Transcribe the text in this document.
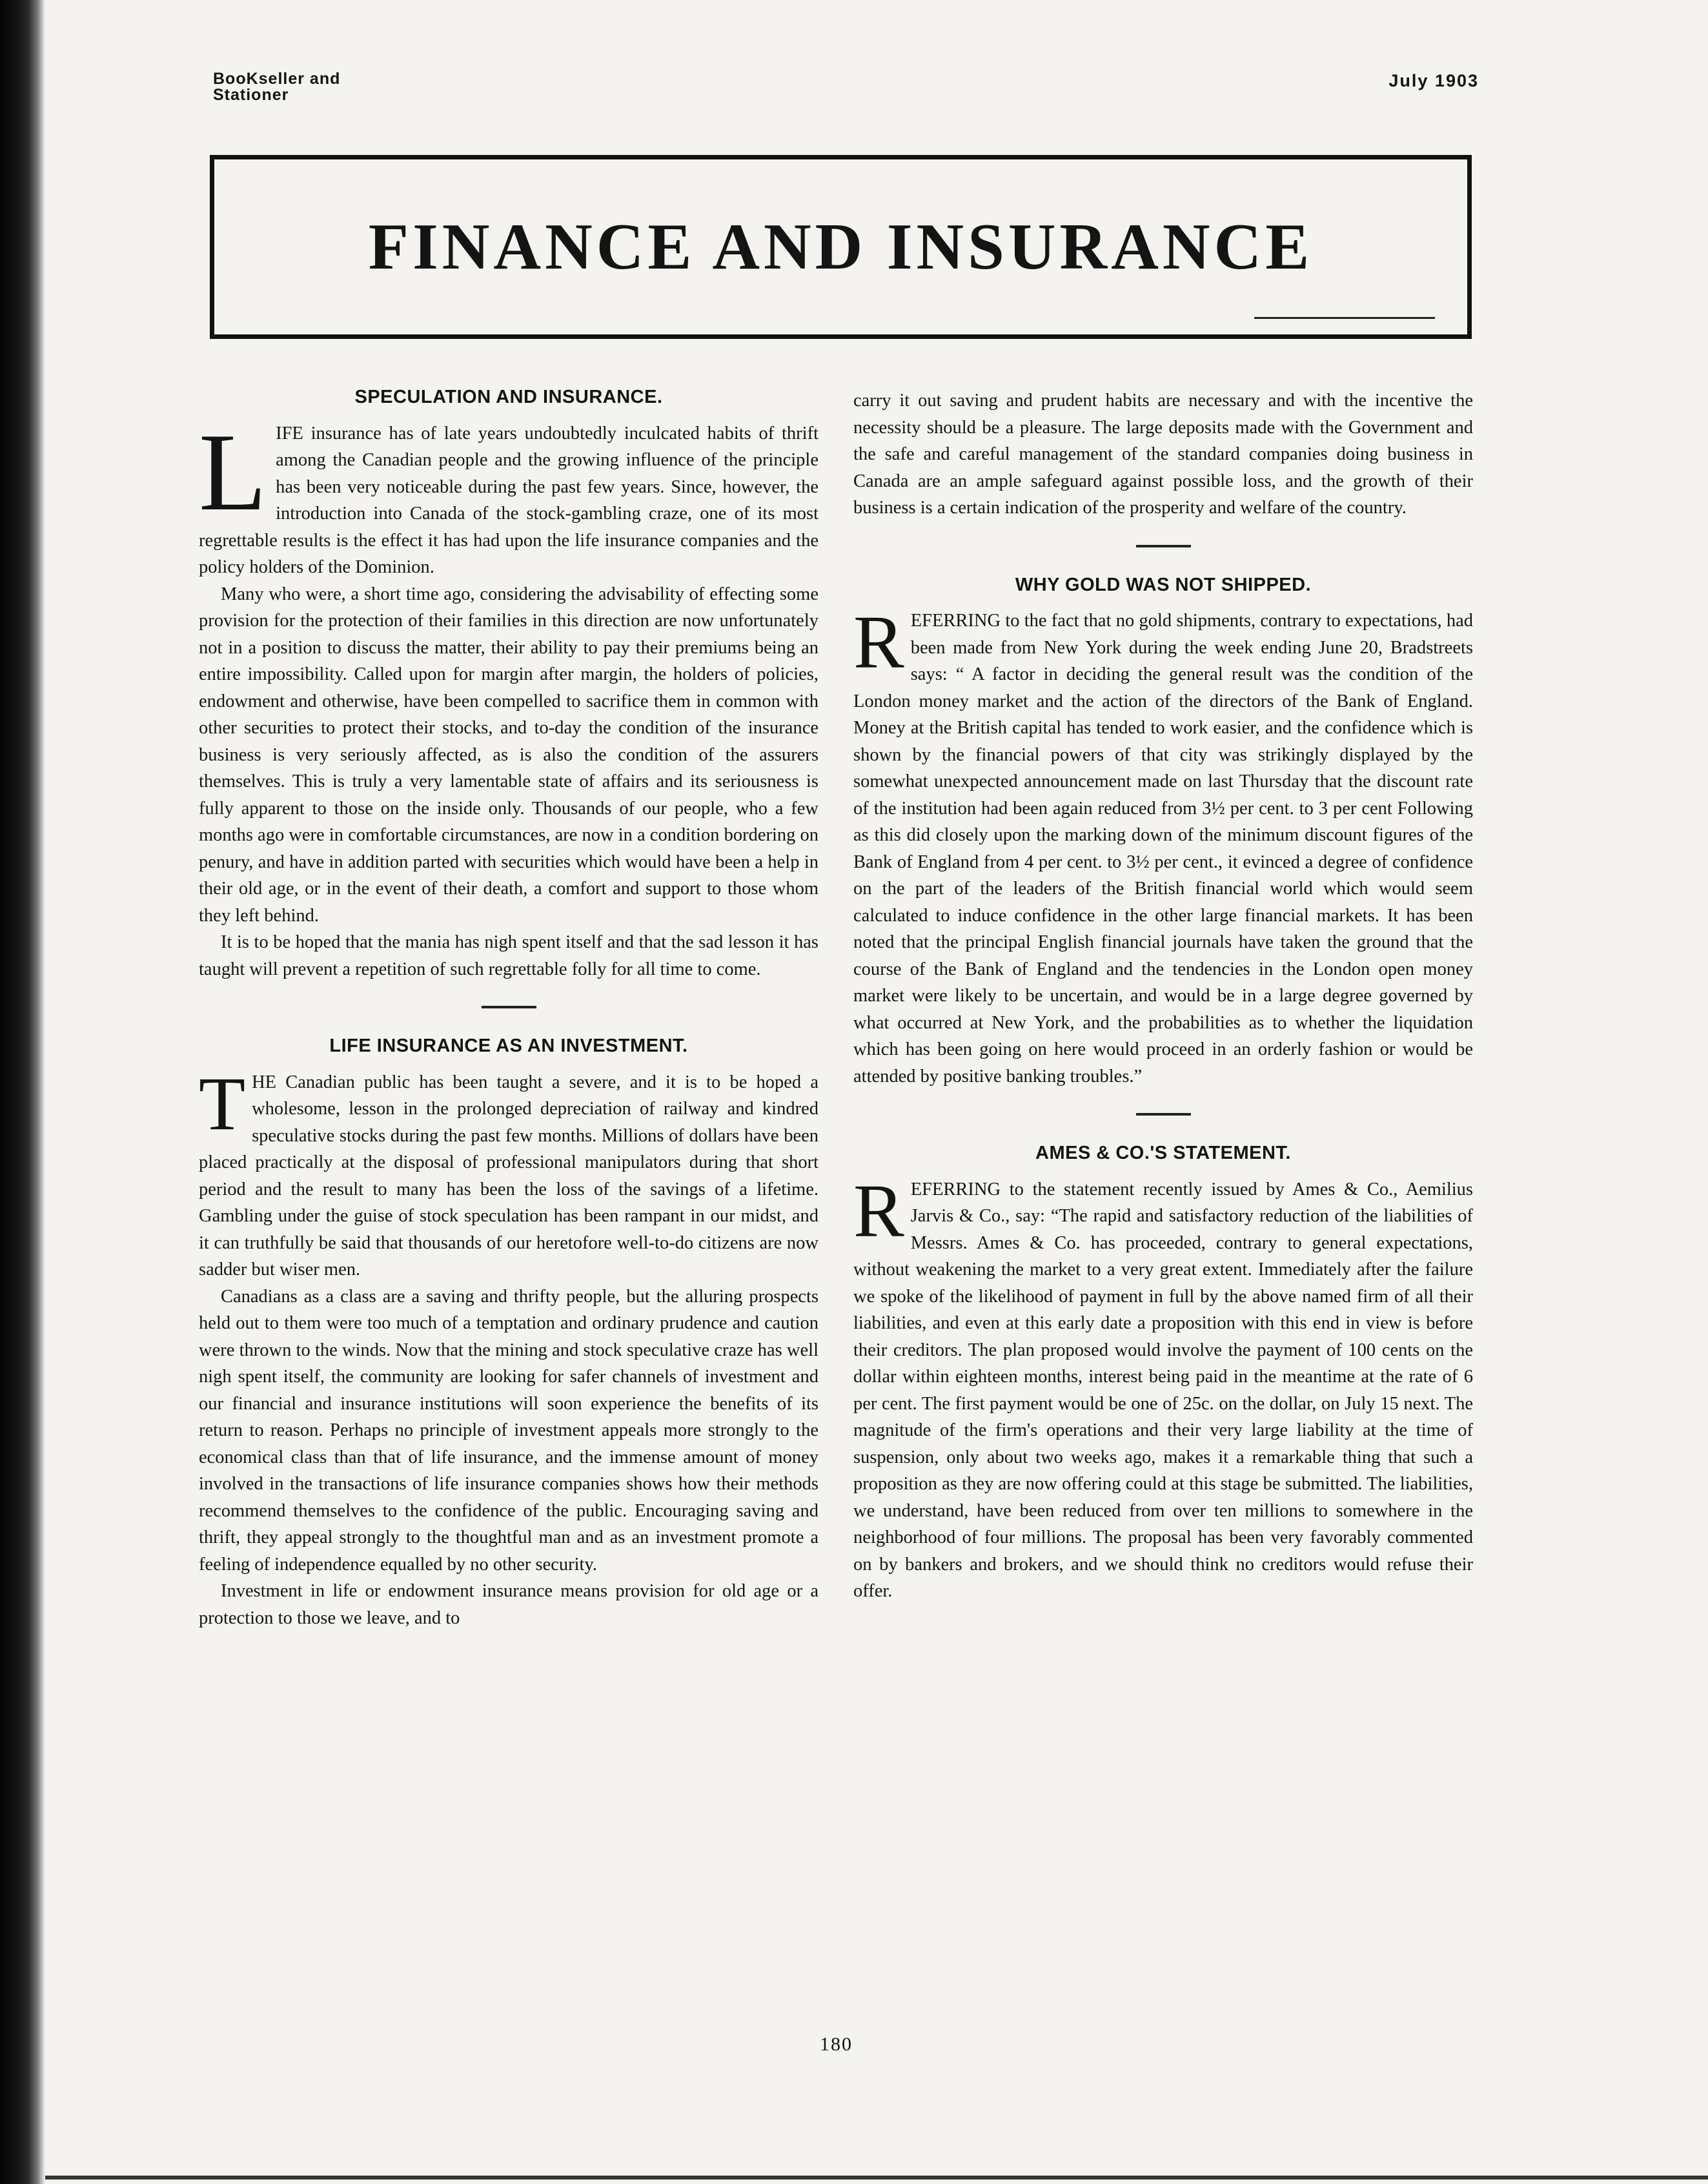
BooKseller and
Stationer
July 1903
FINANCE AND INSURANCE
SPECULATION AND INSURANCE.

LIFE insurance has of late years undoubtedly inculcated habits of thrift among the Canadian people and the growing influence of the principle has been very noticeable during the past few years. Since, however, the introduction into Canada of the stock-gambling craze, one of its most regrettable results is the effect it has had upon the life insurance companies and the policy holders of the Dominion.

Many who were, a short time ago, considering the advisability of effecting some provision for the protection of their families in this direction are now unfortunately not in a position to discuss the matter, their ability to pay their premiums being an entire impossibility. Called upon for margin after margin, the holders of policies, endowment and otherwise, have been compelled to sacrifice them in common with other securities to protect their stocks, and to-day the condition of the insurance business is very seriously affected, as is also the condition of the assurers themselves. This is truly a very lamentable state of affairs and its seriousness is fully apparent to those on the inside only. Thousands of our people, who a few months ago were in comfortable circumstances, are now in a condition bordering on penury, and have in addition parted with securities which would have been a help in their old age, or in the event of their death, a comfort and support to those whom they left behind.

It is to be hoped that the mania has nigh spent itself and that the sad lesson it has taught will prevent a repetition of such regrettable folly for all time to come.

LIFE INSURANCE AS AN INVESTMENT.

THE Canadian public has been taught a severe, and it is to be hoped a wholesome, lesson in the prolonged depreciation of railway and kindred speculative stocks during the past few months. Millions of dollars have been placed practically at the disposal of professional manipulators during that short period and the result to many has been the loss of the savings of a lifetime. Gambling under the guise of stock speculation has been rampant in our midst, and it can truthfully be said that thousands of our heretofore well-to-do citizens are now sadder but wiser men.

Canadians as a class are a saving and thrifty people, but the alluring prospects held out to them were too much of a temptation and ordinary prudence and caution were thrown to the winds. Now that the mining and stock speculative craze has well nigh spent itself, the community are looking for safer channels of investment and our financial and insurance institutions will soon experience the benefits of its return to reason. Perhaps no principle of investment appeals more strongly to the economical class than that of life insurance, and the immense amount of money involved in the transactions of life insurance companies shows how their methods recommend themselves to the confidence of the public. Encouraging saving and thrift, they appeal strongly to the thoughtful man and as an investment promote a feeling of independence equalled by no other security.

Investment in life or endowment insurance means provision for old age or a protection to those we leave, and to

carry it out saving and prudent habits are necessary and with the incentive the necessity should be a pleasure. The large deposits made with the Government and the safe and careful management of the standard companies doing business in Canada are an ample safeguard against possible loss, and the growth of their business is a certain indication of the prosperity and welfare of the country.

WHY GOLD WAS NOT SHIPPED.

REFERRING to the fact that no gold shipments, contrary to expectations, had been made from New York during the week ending June 20, Bradstreets says: “ A factor in deciding the general result was the condition of the London money market and the action of the directors of the Bank of England. Money at the British capital has tended to work easier, and the confidence which is shown by the financial powers of that city was strikingly displayed by the somewhat unexpected announcement made on last Thursday that the discount rate of the institution had been again reduced from 3½ per cent. to 3 per cent Following as this did closely upon the marking down of the minimum discount figures of the Bank of England from 4 per cent. to 3½ per cent., it evinced a degree of confidence on the part of the leaders of the British financial world which would seem calculated to induce confidence in the other large financial markets. It has been noted that the principal English financial journals have taken the ground that the course of the Bank of England and the tendencies in the London open money market were likely to be uncertain, and would be in a large degree governed by what occurred at New York, and the probabilities as to whether the liquidation which has been going on here would proceed in an orderly fashion or would be attended by positive banking troubles.”

AMES & CO.'S STATEMENT.

REFERRING to the statement recently issued by Ames & Co., Aemilius Jarvis & Co., say: “The rapid and satisfactory reduction of the liabilities of Messrs. Ames & Co. has proceeded, contrary to general expectations, without weakening the market to a very great extent. Immediately after the failure we spoke of the likelihood of payment in full by the above named firm of all their liabilities, and even at this early date a proposition with this end in view is before their creditors. The plan proposed would involve the payment of 100 cents on the dollar within eighteen months, interest being paid in the meantime at the rate of 6 per cent. The first payment would be one of 25c. on the dollar, on July 15 next. The magnitude of the firm's operations and their very large liability at the time of suspension, only about two weeks ago, makes it a remarkable thing that such a proposition as they are now offering could at this stage be submitted. The liabilities, we understand, have been reduced from over ten millions to somewhere in the neighborhood of four millions. The proposal has been very favorably commented on by bankers and brokers, and we should think no creditors would refuse their offer.

180
